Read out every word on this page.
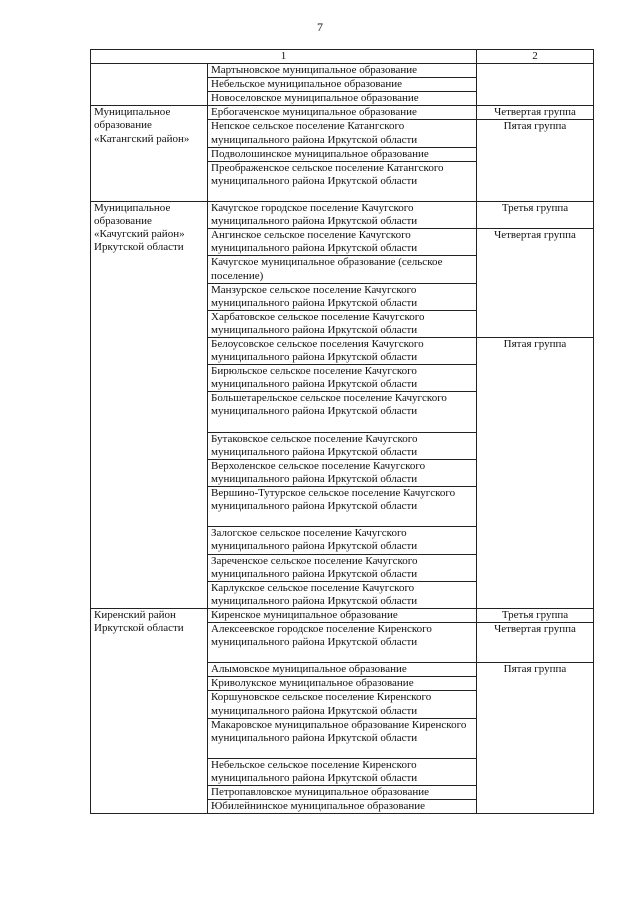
7
1		2
	Мартыновское муниципальное образование	
	Небельское муниципальное образование	
	Новоселовское муниципальное образование	
Муниципальное образование «Катангский район»	Ербогаченское муниципальное образование	Четвертая группа
	Непское сельское поселение Катангского муниципального района Иркутской области	Пятая группа
	Подволошинское муниципальное образование	
	Преображенское сельское поселение Катангского муниципального района Иркутской области	
Муниципальное образование «Качугский район» Иркутской области	Качугское городское поселение Качугского муниципального района Иркутской области	Третья группа
	Ангинское сельское поселение Качугского муниципального района Иркутской области	Четвертая группа
	Качугское муниципальное образование (сельское поселение)	
	Манзурское сельское поселение Качугского муниципального района Иркутской области	
	Харбатовское сельское поселение Качугского муниципального района Иркутской области	
	Белоусовское сельское поселения Качугского муниципального района Иркутской области	Пятая группа
	Бирюльское сельское поселение Качугского муниципального района Иркутской области	
	Большетарельское сельское поселение Качугского муниципального района Иркутской области	
	Бутаковское сельское поселение Качугского муниципального района Иркутской области	
	Верхоленское сельское поселение Качугского муниципального района Иркутской области	
	Вершино-Тутурское сельское поселение Качугского муниципального района Иркутской области	
	Залогское сельское поселение Качугского муниципального района Иркутской области	
	Зареченское сельское поселение Качугского муниципального района Иркутской области	
	Карлукское сельское поселение Качугского муниципального района Иркутской области	
Киренский район Иркутской области	Киренское муниципальное образование	Третья группа
	Алексеевское городское поселение Киренского муниципального района Иркутской области	Четвертая группа
	Алымовское муниципальное образование	Пятая группа
	Криволукское муниципальное образование	
	Коршуновское сельское поселение Киренского муниципального района Иркутской области	
	Макаровское муниципальное образование Киренского муниципального района Иркутской области	
	Небельское сельское поселение Киренского муниципального района Иркутской области	
	Петропавловское муниципальное образование	
	Юбилейнинское муниципальное образование	
